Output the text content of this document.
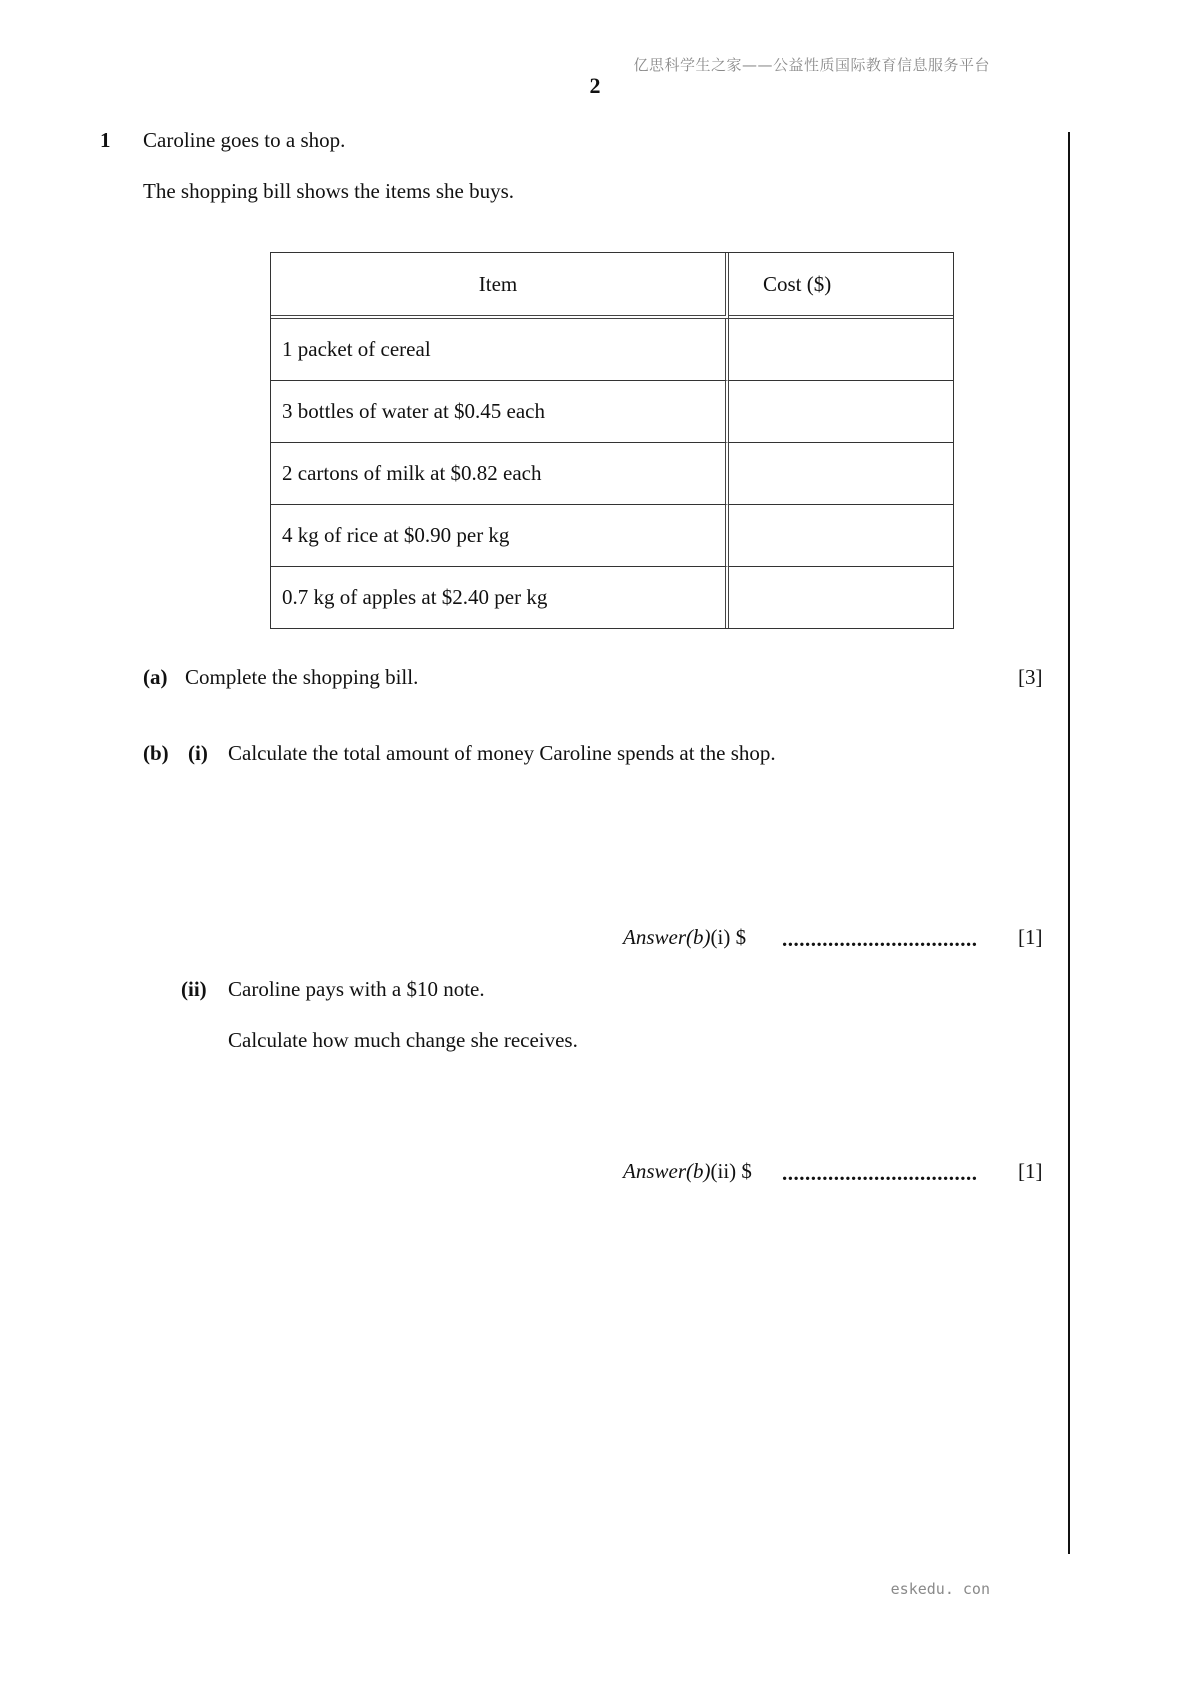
亿思科学生之家——公益性质国际教育信息服务平台
2
1 Caroline goes to a shop.
The shopping bill shows the items she buys.
Item	Cost ($)
1 packet of cereal	
3 bottles of water at $0.45 each	
2 cartons of milk at $0.82 each	
4 kg of rice at $0.90 per kg	
0.7 kg of apples at $2.40 per kg	
(a) Complete the shopping bill.	[3]
(b) (i) Calculate the total amount of money Caroline spends at the shop.
Answer(b)(i) $ .................................. [1]
(ii) Caroline pays with a $10 note.
Calculate how much change she receives.
Answer(b)(ii) $ .................................. [1]
eskedu. con
